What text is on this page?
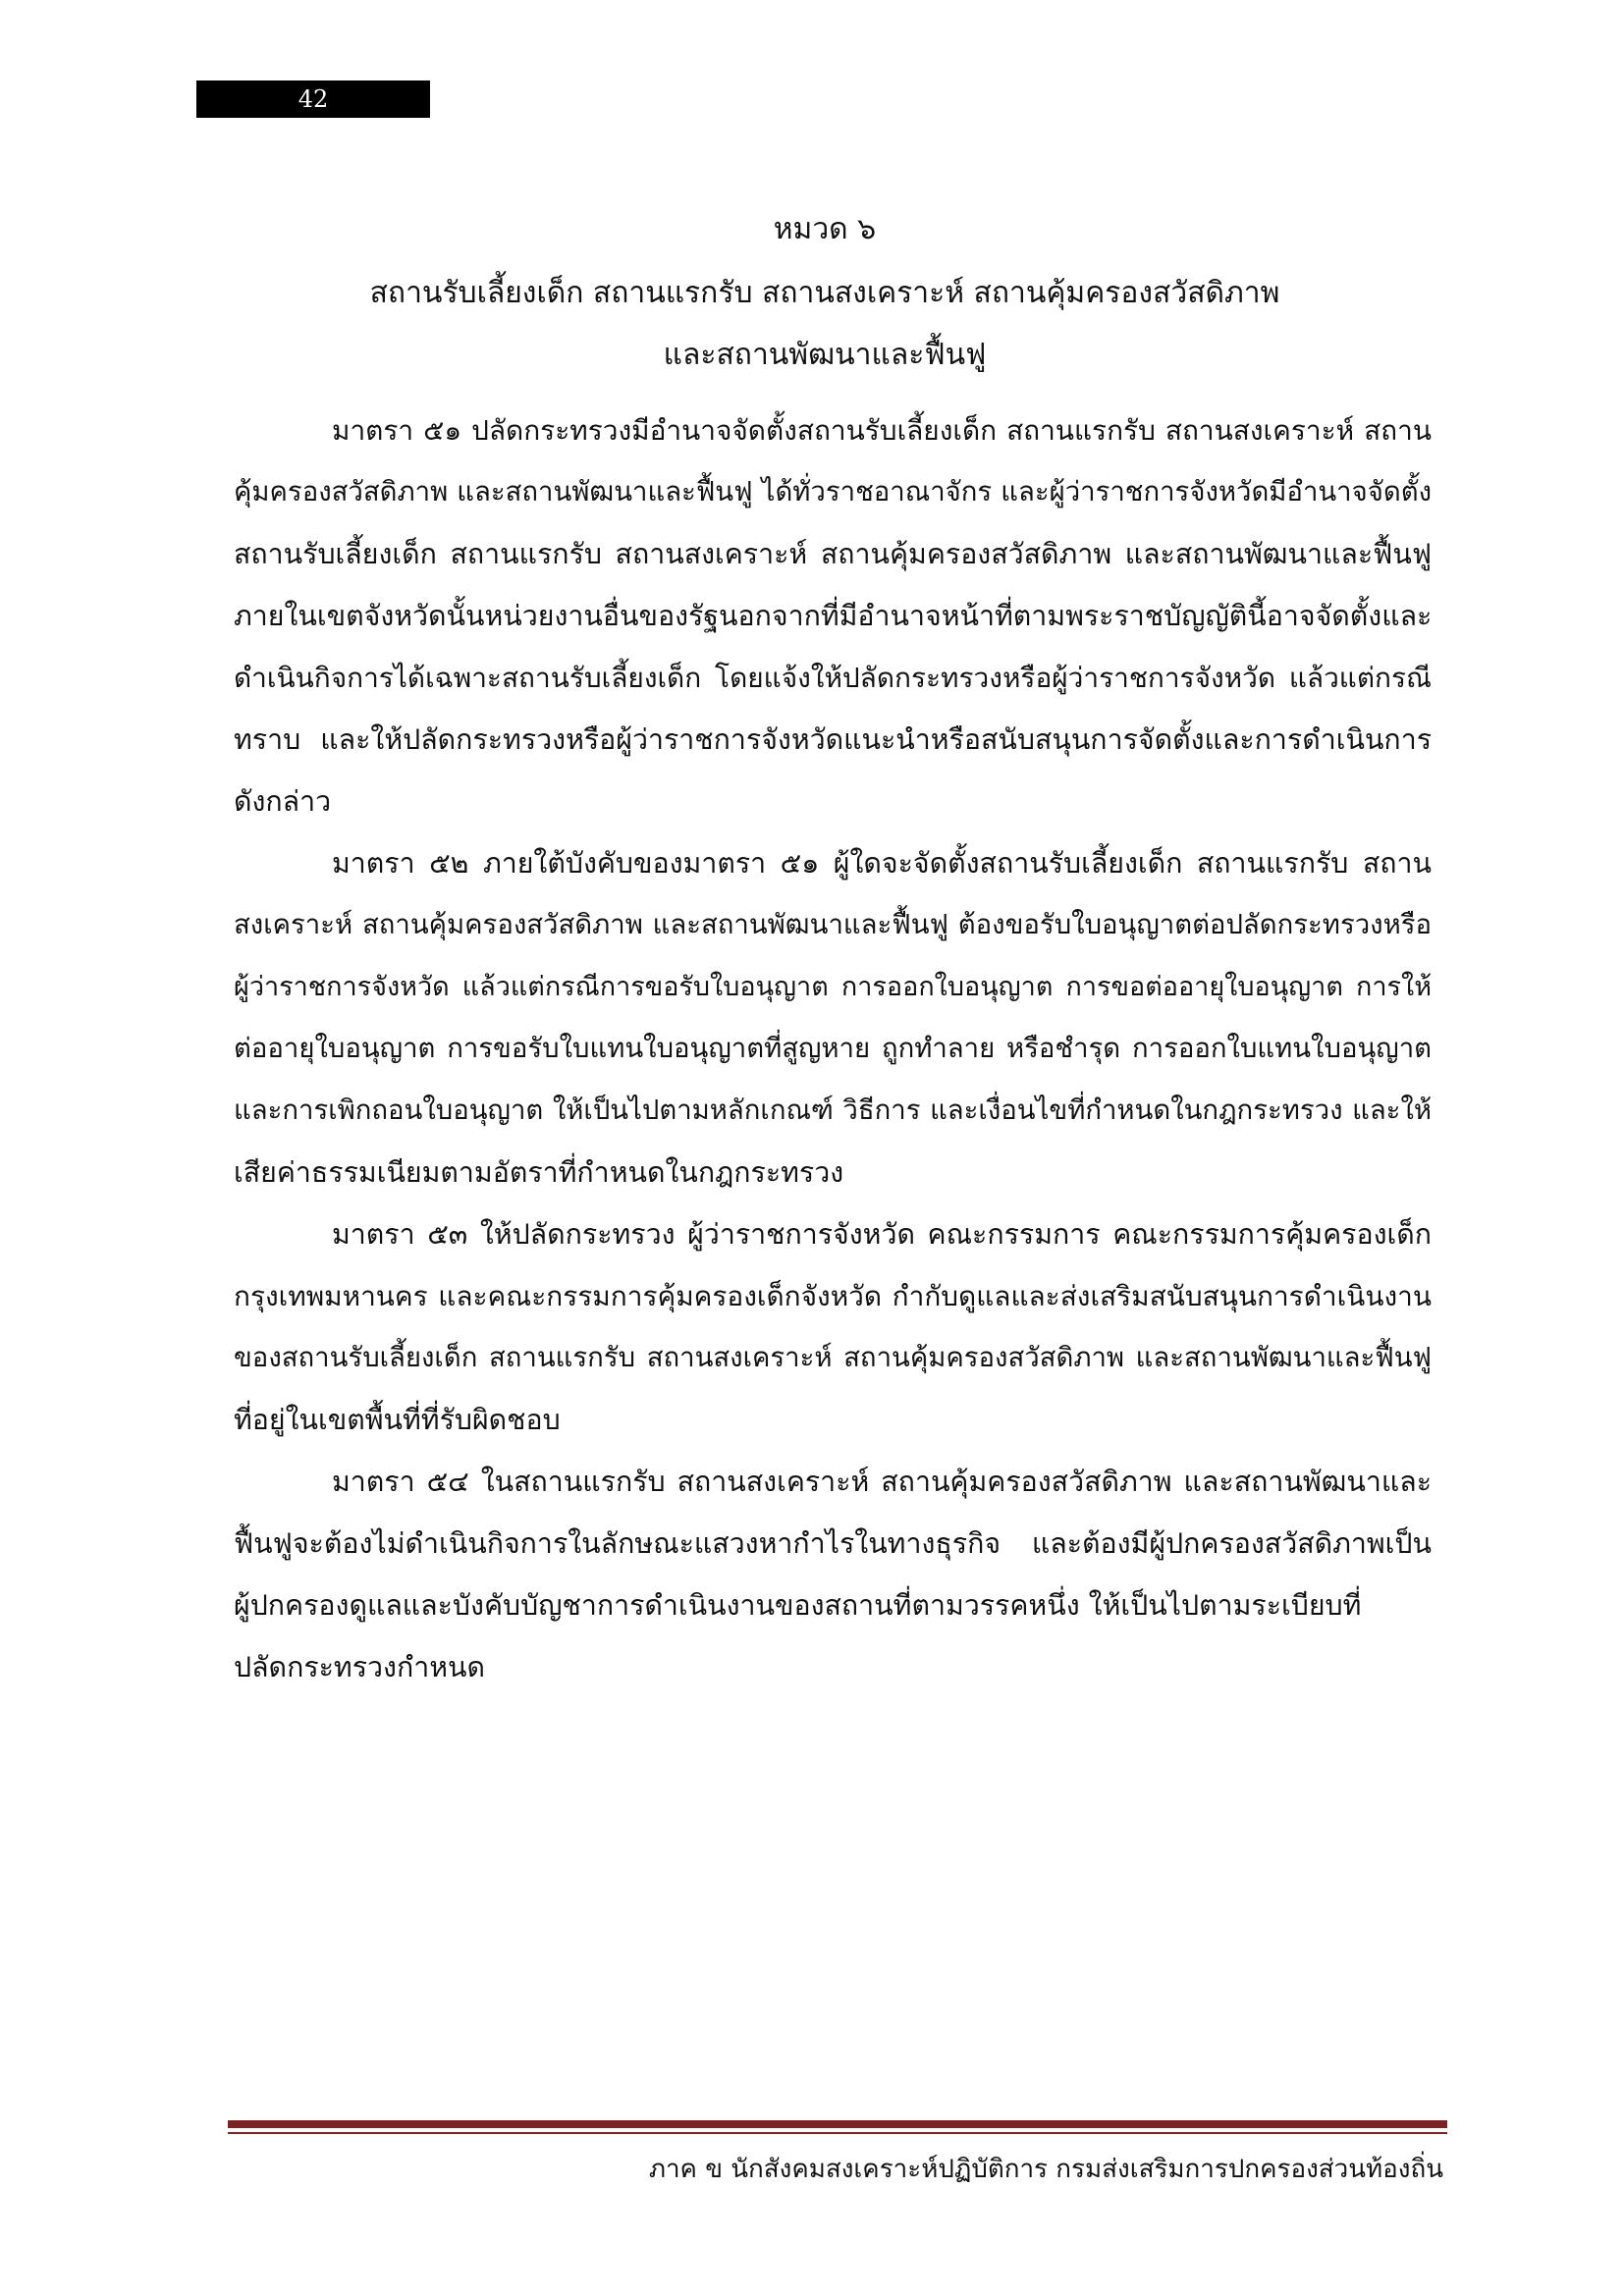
42
หมวด ๖
สถานรับเลี้ยงเด็ก สถานแรกรับ สถานสงเคราะห์ สถานคุ้มครองสวัสดิภาพ
และสถานพัฒนาและฟื้นฟู
มาตรา ๕๑ ปลัดกระทรวงมีอำนาจจัดตั้งสถานรับเลี้ยงเด็ก สถานแรกรับ สถานสงเคราะห์ สถาน
คุ้มครองสวัสดิภาพ และสถานพัฒนาและฟื้นฟู ได้ทั่วราชอาณาจักร และผู้ว่าราชการจังหวัดมีอำนาจจัดตั้ง
สถานรับเลี้ยงเด็ก สถานแรกรับ สถานสงเคราะห์ สถานคุ้มครองสวัสดิภาพ และสถานพัฒนาและฟื้นฟู
ภายในเขตจังหวัดนั้นหน่วยงานอื่นของรัฐนอกจากที่มีอำนาจหน้าที่ตามพระราชบัญญัตินี้อาจจัดตั้งและ
ดำเนินกิจการได้เฉพาะสถานรับเลี้ยงเด็ก โดยแจ้งให้ปลัดกระทรวงหรือผู้ว่าราชการจังหวัด แล้วแต่กรณี
ทราบ และให้ปลัดกระทรวงหรือผู้ว่าราชการจังหวัดแนะนำหรือสนับสนุนการจัดตั้งและการดำเนินการ
ดังกล่าว
มาตรา ๕๒ ภายใต้บังคับของมาตรา ๕๑ ผู้ใดจะจัดตั้งสถานรับเลี้ยงเด็ก สถานแรกรับ สถาน
สงเคราะห์ สถานคุ้มครองสวัสดิภาพ และสถานพัฒนาและฟื้นฟู ต้องขอรับใบอนุญาตต่อปลัดกระทรวงหรือ
ผู้ว่าราชการจังหวัด แล้วแต่กรณีการขอรับใบอนุญาต การออกใบอนุญาต การขอต่ออายุใบอนุญาต การให้
ต่ออายุใบอนุญาต การขอรับใบแทนใบอนุญาตที่สูญหาย ถูกทำลาย หรือชำรุด การออกใบแทนใบอนุญาต
และการเพิกถอนใบอนุญาต ให้เป็นไปตามหลักเกณฑ์ วิธีการ และเงื่อนไขที่กำหนดในกฎกระทรวง และให้
เสียค่าธรรมเนียมตามอัตราที่กำหนดในกฎกระทรวง
มาตรา ๕๓ ให้ปลัดกระทรวง ผู้ว่าราชการจังหวัด คณะกรรมการ คณะกรรมการคุ้มครองเด็ก
กรุงเทพมหานคร และคณะกรรมการคุ้มครองเด็กจังหวัด กำกับดูแลและส่งเสริมสนับสนุนการดำเนินงาน
ของสถานรับเลี้ยงเด็ก สถานแรกรับ สถานสงเคราะห์ สถานคุ้มครองสวัสดิภาพ และสถานพัฒนาและฟื้นฟู
ที่อยู่ในเขตพื้นที่ที่รับผิดชอบ
มาตรา ๕๔ ในสถานแรกรับ สถานสงเคราะห์ สถานคุ้มครองสวัสดิภาพ และสถานพัฒนาและ
ฟื้นฟูจะต้องไม่ดำเนินกิจการในลักษณะแสวงหากำไรในทางธุรกิจ และต้องมีผู้ปกครองสวัสดิภาพเป็น
ผู้ปกครองดูแลและบังคับบัญชาการดำเนินงานของสถานที่ตามวรรคหนึ่ง ให้เป็นไปตามระเบียบที่
ปลัดกระทรวงกำหนด
ภาค ข นักสังคมสงเคราะห์ปฏิบัติการ กรมส่งเสริมการปกครองส่วนท้องถิ่น
